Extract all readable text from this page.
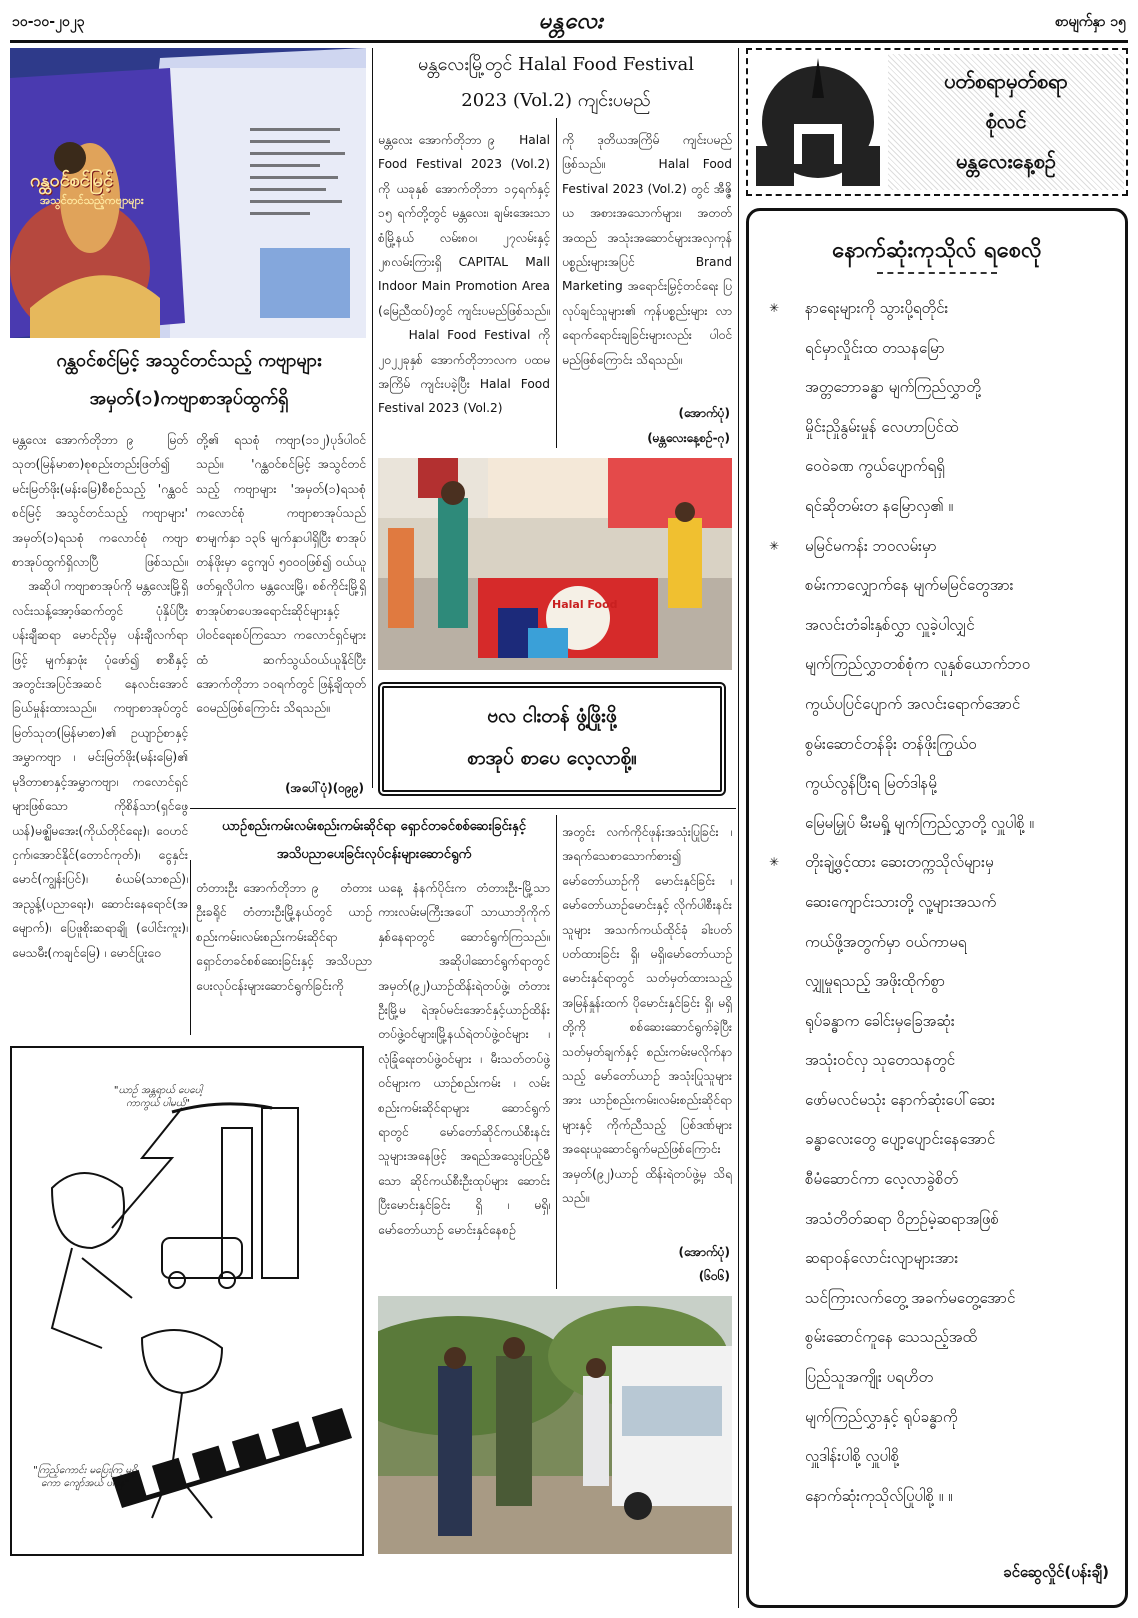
၁၀-၁၀-၂၀၂၃	မန္တလေး	စာမျက်နှာ ၁၅
ဂန္ထဝင်စင်မြင့်
အသွင်တင်သည့်ကဗျာများ
ဂန္ထဝင်စင်မြင့် အသွင်တင်သည့် ကဗျာများ
အမှတ်(၁)ကဗျာစာအုပ်ထွက်ရှိ
မန္တလေး အောက်တိုဘာ ၉    မြတ်သုတ(မြန်မာစာ)စုစည်းတည်းဖြတ်၍ မင်းမြတ်ဖိုး(မန်းမြေ)စီစဉ်သည့် 'ဂန္ထဝင်စင်မြင့် အသွင်တင်သည့် ကဗျာများ' အမှတ်(၁)ရသစုံ ကလောင်စုံ ကဗျာစာအုပ်ထွက်ရှိလာပြီ ဖြစ်သည်။    အဆိုပါ ကဗျာစာအုပ်ကို မန္တလေးမြို့ရှိ လင်းသန့်အော့ဖ်ဆက်တွင် ပုံနှိပ်ပြီး ပန်းချီဆရာ မောင်ညိုမှ ပန်းချီလက်ရာဖြင့် မျက်နှာဖုံး ပုံဖော်၍ စာစီနှင့်အတွင်းအပြင်အဆင် နေလင်းအောင်ခြယ်မှုန်းထားသည်။ ကဗျာစာအုပ်တွင် မြတ်သုတ(မြန်မာစာ)၏ ဥယျာဉ်စာနှင့် အမွှာကဗျာ ၊ မင်းမြတ်ဖိုး(မန်းမြေ)၏ မုဒိတာစာနှင့်အမွှာကဗျာ၊ ကလောင်ရှင်များဖြစ်သော ကိုစိန်သာ(ရှင်ဖွေယန်)မဇ္ဈိမအေး(ကိုယ်တိုင်ရေး)၊ ဝေဟင်ငှက်၊အောင်နိုင်(တောင်ကုတ်)၊ ငွေနှင်းမောင်(ကျွန်းပြင်)၊ စံယမ်(သာစည်)၊အညွန့်(ပညာရေး)၊ ဆောင်းနေရောင်(အမျောက်)၊ ပြေဖူစိုးဆရာချို (ပေါင်းကူး)၊ မေသမီး(ကချင်မြေ) ၊ မောင်ပြုးဝေ
တို့၏ ရသစုံ ကဗျာ(၁၁၂)ပုဒ်ပါဝင်သည်။    'ဂန္ထဝင်စင်မြင့် အသွင်တင်သည့် ကဗျာများ 'အမှတ်(၁)ရသစုံ ကလောင်စုံ ကဗျာစာအုပ်သည် စာမျက်နှာ ၁၃၆ မျက်နှာပါရှိပြီး စာအုပ်တန်ဖိုးမှာ ငွေကျပ် ၅၀၀၀ဖြစ်၍ ဝယ်ယူဖတ်ရှုလိုပါက မန္တလေးမြို့၊ စစ်ကိုင်းမြို့ရှိ စာအုပ်စာပေအရောင်းဆိုင်များနှင့် ပါဝင်ရေးစပ်ကြသော ကလောင်ရှင်များထံ ဆက်သွယ်ဝယ်ယူနိုင်ပြီး အောက်တိုဘာ ၁၀ရက်တွင် ဖြန့်ချိထုတ်ဝေမည်ဖြစ်ကြောင်း သိရသည်။
(အပေါ်ပုံ)(၀၉၉)
မန္တလေးမြို့တွင် Halal Food Festival
2023 (Vol.2) ကျင်းပမည်
မန္တလေး အောက်တိုဘာ ၉    Halal Food Festival 2023 (Vol.2) ကို ယခုနှစ် အောက်တိုဘာ ၁၄ရက်နှင့် ၁၅ ရက်တို့တွင် မန္တလေး၊ ချမ်းအေးသာစံမြို့နယ် လမ်း၈၀၊ ၂၇လမ်းနှင့် ၂၈လမ်းကြားရှိ CAPITAL Mall Indoor Main Promotion Area (မြေညီထပ်)တွင် ကျင်းပမည်ဖြစ်သည်။    Halal Food Festival ကို ၂၀၂၂ခုနှစ် အောက်တိုဘာလက ပထမအကြိမ် ကျင်းပခဲ့ပြီး Halal Food Festival 2023 (Vol.2)
ကို ဒုတိယအကြိမ် ကျင်းပမည်ဖြစ်သည်။    Halal Food Festival 2023 (Vol.2) တွင် အီဇ္ဇိယ အစားအသောက်များ၊ အတတ်အထည် အသုံးအဆောင်များအလှကုန်ပစ္စည်းများအပြင် Brand Marketing အရောင်းမြှင့်တင်ရေး ပြလုပ်ချင်သူများ၏ ကုန်ပစ္စည်းများ လာရောက်ရောင်းချခြင်းများလည်း ပါဝင်မည်ဖြစ်ကြောင်း သိရသည်။
(အောက်ပုံ)
(မန္တလေးနေ့စဉ်-ဂု)
Halal Food
ဗလ ငါးတန် ဖွံ့ဖြိုးဖို့
စာအုပ် စာပေ လေ့လာစို့။
ပတ်စရာမှတ်စရာ
စုံလင်
မန္တလေးနေ့စဉ်
နောက်ဆုံးကုသိုလ် ရစေလို
✳ နာရေးများကို သွားပို့ရတိုင်း
ရင်မှာလှိုင်းထ တသနမြော
အတ္တဘောခန္ဓာ မျက်ကြည်လွှာတို့
မှိုင်းညှိုနွမ်းမှုန် လေဟာပြင်ထဲ
ဝေဝဲခဏ ကွယ်ပျောက်ရရှိ
ရင်ဆိုတမ်းတ နမြောလှ၏ ။
✳ မမြင်မကန်း ဘဝလမ်းမှာ
စမ်းကာလျှောက်နေ မျက်မမြင်တွေအား
အလင်းတံခါးနှစ်လွှာ လှူခဲ့ပါလျှင်
မျက်ကြည်လွှာတစ်စုံက လူနှစ်ယောက်ဘဝ
ကွယ်ပပြင်ပျောက် အလင်းရောက်အောင်
စွမ်းဆောင်တန်ခိုး တန်ဖိုးကြွယ်ဝ
ကွယ်လွန်ပြီးရ မြတ်ဒါနမို့
မြေမမြှုပ် မီးမရှို့ မျက်ကြည်လွှာတို့ လှူပါစို့ ။
✳ တိုးချဲ့ဖွင့်ထား ဆေးတက္ကသိုလ်များမှ
ဆေးကျောင်းသားတို့ လူ့များအသက်
ကယ်ဖို့အတွက်မှာ ဝယ်ကာမရ
လျှုမှုရသည့် အဖိုးထိုက်စွာ
ရုပ်ခန္ဓာက ခေါင်းမှခြေအဆုံး
အသုံးဝင်လှ သုတေသနတွင်
ဖော်မလင်မသုံး နောက်ဆုံးပေါ်ဆေး
ခန္ဓာလေးတွေ ပျော့ပျောင်းနေအောင်
စီမံဆောင်ကာ လေ့လာခွဲစိတ်
အသံတိတ်ဆရာ ဝိဉာဉ်မဲ့ဆရာအဖြစ်
ဆရာဝန်လောင်းလျာများအား
သင်ကြားလက်တွေ့ အခက်မတွေ့အောင်
စွမ်းဆောင်ကူနေ သေသည့်အထိ
ပြည်သူအကျိုး ပရဟိတ
မျက်ကြည်လွှာနှင့် ရုပ်ခန္ဓာကို
လှူဒါန်းပါစို့ လှူပါစို့
နောက်ဆုံးကုသိုလ်ပြုပါစို့ ။ ။
ခင်ဆွေလှိုင်(ပန်းချီ)
ယာဉ်စည်းကမ်းလမ်းစည်းကမ်းဆိုင်ရာ ရှောင်တခင်စစ်ဆေးခြင်းနှင့်
အသိပညာပေးခြင်းလုပ်ငန်းများဆောင်ရွက်
တံတားဦး အောက်တိုဘာ ၉    တံတားဦးခရိုင် တံတားဦးမြို့နယ်တွင် ယာဉ်စည်းကမ်း၊လမ်းစည်းကမ်းဆိုင်ရာရှောင်တခင်စစ်ဆေးခြင်းနှင့် အသိပညာပေးလုပ်ငန်းများဆောင်ရွက်ခြင်းကို
ယနေ့ နံနက်ပိုင်းက တံတားဦး-မြို့သာကားလမ်းမကြီးအပေါ် သာယာဘိုကိုက်နှစ်နေရာတွင် ဆောင်ရွက်ကြသည်။    အဆိုပါဆောင်ရွက်ရာတွင် အမှတ်(၉၂)ယာဉ်ထိန်းရဲတပ်ဖွဲ့၊ တံတားဦးမြို့မ ရဲအုပ်မင်းအောင်နှင့်ယာဉ်ထိန်းတပ်ဖွဲ့ဝင်များ၊မြို့နယ်ရဲတပ်ဖွဲ့ဝင်များ ၊ လုံခြုံရေးတပ်ဖွဲ့ဝင်များ ၊ မီးသတ်တပ်ဖွဲ့ဝင်များက ယာဉ်စည်းကမ်း ၊ လမ်းစည်းကမ်းဆိုင်ရာများ ဆောင်ရွက်ရာတွင် မော်တော်ဆိုင်ကယ်စီးနင်းသူများအနေဖြင့် အရည်အသွေးပြည့်မီသော ဆိုင်ကယ်စီးဦးထုပ်များ ဆောင်းပြီးမောင်းနှင်ခြင်း ရှိ ၊ မရှိ၊ မော်တော်ယာဉ် မောင်းနှင်နေစဉ်
အတွင်း လက်ကိုင်ဖုန်းအသုံးပြုခြင်း ၊ အရက်သေစာသောက်စား၍ မော်တော်ယာဉ်ကို မောင်းနှင်ခြင်း ၊ မော်တော်ယာဉ်မောင်းနှင့် လိုက်ပါစီးနင်းသူများ အသက်ကယ်ထိုင်ခုံ ခါးပတ် ပတ်ထားခြင်း ရှိ၊ မရှိ၊မော်တော်ယာဉ်မောင်းနှင်ရာတွင် သတ်မှတ်ထားသည့် အမြန်နှုန်းထက် ပိုမောင်းနှင်ခြင်း ရှိ၊ မရှိတို့ကို စစ်ဆေးဆောင်ရွက်ခဲ့ပြီး သတ်မှတ်ချက်နှင့် စည်းကမ်းမလိုက်နာသည့် မော်တော်ယာဉ် အသုံးပြုသူများအား ယာဉ်စည်းကမ်း၊လမ်းစည်းဆိုင်ရာများနှင့် ကိုက်ညီသည့် ပြစ်ဒဏ်များအရေးယူဆောင်ရွက်မည်ဖြစ်ကြောင်း အမှတ်(၉၂)ယာဉ် ထိန်းရဲတပ်ဖွဲ့မှ သိရသည်။
(အောက်ပုံ)
(၆၀၆)
"ယာဉ် အန္တရာယ် ပေပေါ့ ကာကွယ် ပါမယ်"
"ကြည့်ကောင်း မပြေးကြ မရှိကော ကျော်အယ် ပါနေ"
